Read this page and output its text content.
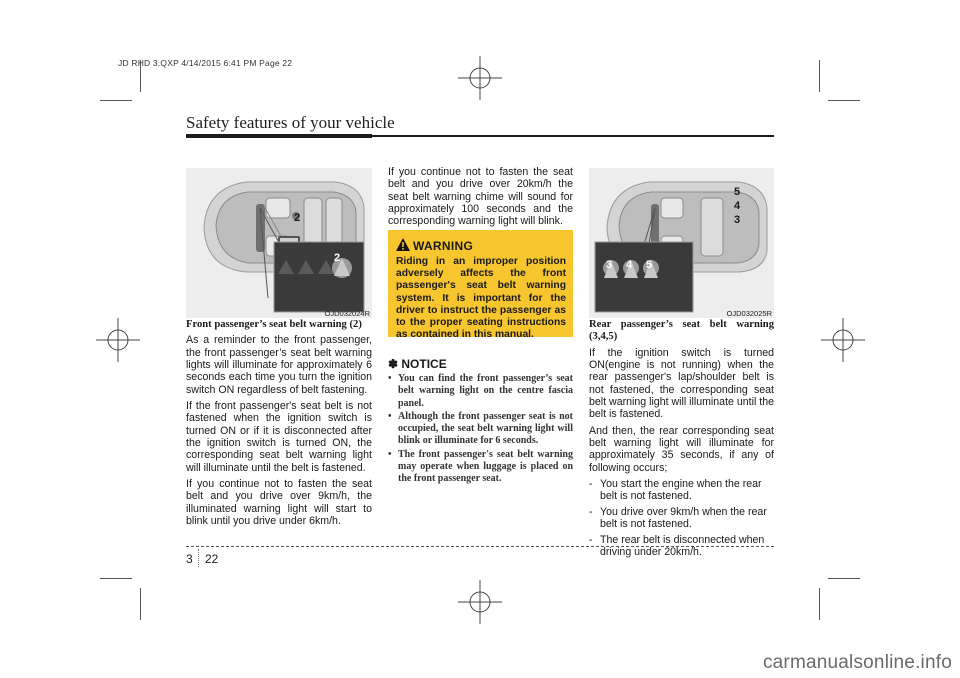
JD RHD 3.QXP 4/14/2015 6:41 PM Page 22
Safety features of your vehicle
2
2
OJD032024R
Front passenger’s seat belt warning (2)

As a reminder to the front passenger, the front passenger’s seat belt warning lights will illuminate for approximately 6 seconds each time you turn the ignition switch ON regardless of belt fastening.

If the front passenger's seat belt is not fastened when the ignition switch is turned ON or if it is disconnected after the ignition switch is turned ON, the corresponding seat belt warning light will illuminate until the belt is fastened.

If you continue not to fasten the seat belt and you drive over 9km/h, the illuminated warning light will start to blink until you drive under 6km/h.

If you continue not to fasten the seat belt and you drive over 20km/h the seat belt warning chime will sound for approximately 100 seconds and the corresponding warning light will blink.

WARNING
Riding in an improper position adversely affects the front passenger's seat belt warning system. It is important for the driver to instruct the passenger as to the proper seating instructions as contained in this manual.
✽ NOTICE
• You can find the front passenger’s seat belt warning light on the centre fascia panel.
• Although the front passenger seat is not occupied, the seat belt warning light will blink or illuminate for 6 seconds.
• The front passenger's seat belt warning may operate when luggage is placed on the front passenger seat.
5
4
3
3 4 5
OJD032025R
Rear passenger’s seat belt warning (3,4,5)

If the ignition switch is turned ON(engine is not running) when the rear passenger's lap/shoulder belt is not fastened, the corresponding seat belt warning light will illuminate until the belt is fastened.

And then, the rear corresponding seat belt warning light will illuminate for approximately 35 seconds, if any of following occurs;

- You start the engine when the rear belt is not fastened.
- You drive over 9km/h when the rear belt is not fastened.
- The rear belt is disconnected when driving under 20km/h.
3 22
carmanualsonline.info
